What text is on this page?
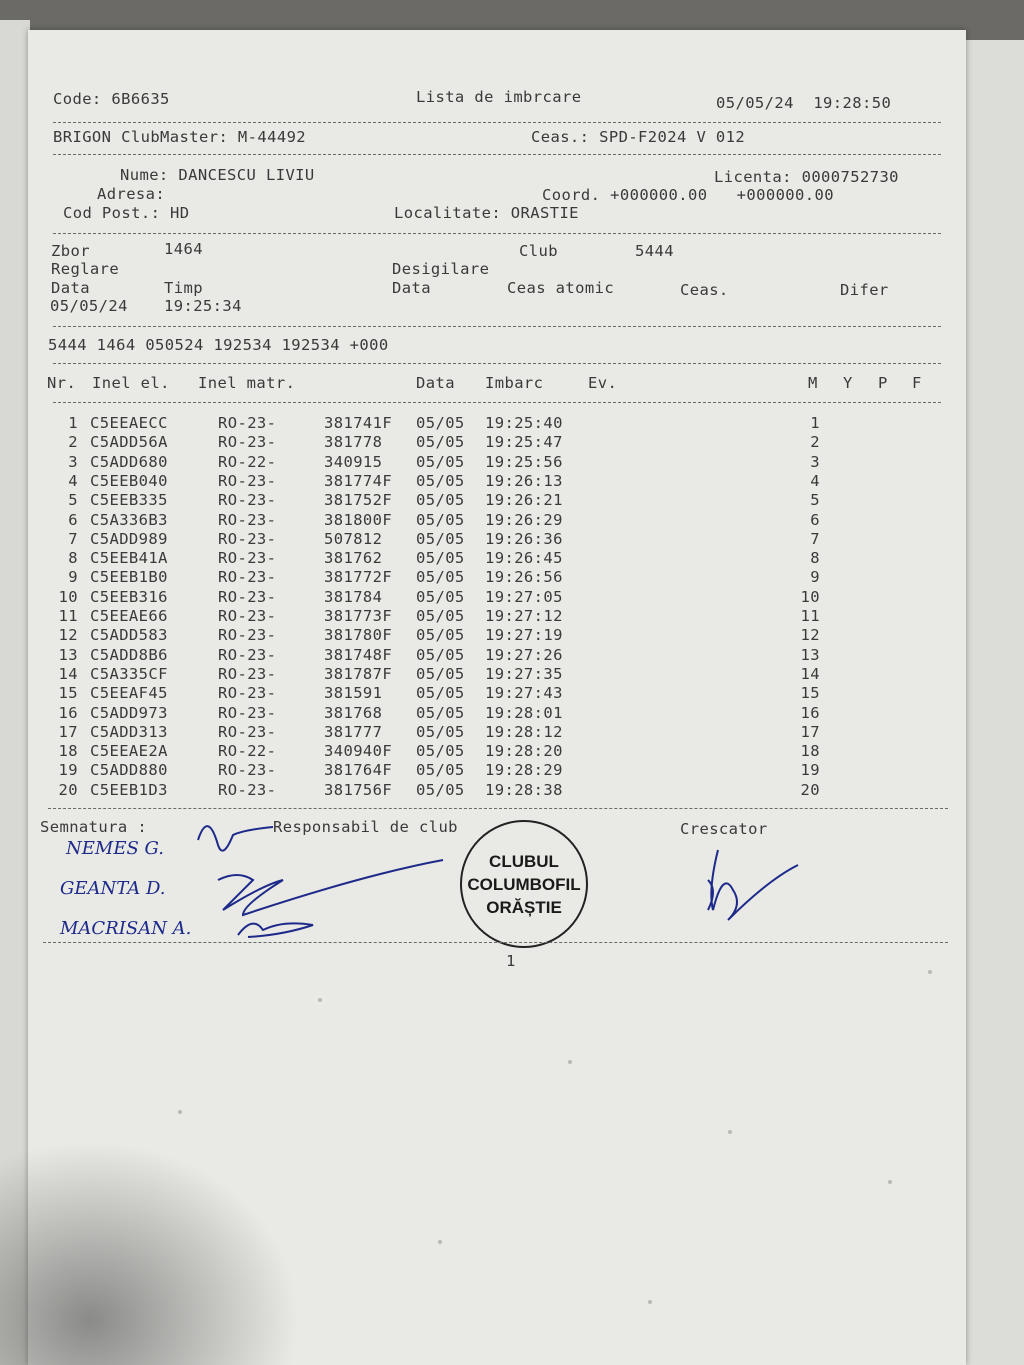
Code: 6B6635	Lista de imbrcare	05/05/24  19:28:50
BRIGON ClubMaster: M-44492	Ceas.: SPD-F2024 V 012
Nume: DANCESCU LIVIU	Licenta: 0000752730
Adresa:	Coord. +000000.00   +000000.00
Cod Post.: HD	Localitate: ORASTIE
Zbor	1464	Club	5444
Reglare	Desigilare
Data	Timp	Data	Ceas atomic	Ceas.	Difer
05/05/24 19:25:34
5444 1464 050524 192534 192534 +000
Nr. Inel el. Inel matr.	Data Imbarc	Ev.	M Y P F
1 C5EEAECC	RO-23-	381741F 05/05 19:25:40	1
2 C5ADD56A	RO-23-	381778 05/05 19:25:47	2
3 C5ADD680	RO-22-	340915 05/05 19:25:56	3
4 C5EEB040	RO-23-	381774F 05/05 19:26:13	4
5 C5EEB335	RO-23-	381752F 05/05 19:26:21	5
6 C5A336B3	RO-23-	381800F 05/05 19:26:29	6
7 C5ADD989	RO-23-	507812 05/05 19:26:36	7
8 C5EEB41A	RO-23-	381762 05/05 19:26:45	8
9 C5EEB1B0	RO-23-	381772F 05/05 19:26:56	9
10 C5EEB316	RO-23-	381784 05/05 19:27:05	10
11 C5EEAE66	RO-23-	381773F 05/05 19:27:12	11
12 C5ADD583	RO-23-	381780F 05/05 19:27:19	12
13 C5ADD8B6	RO-23-	381748F 05/05 19:27:26	13
14 C5A335CF	RO-23-	381787F 05/05 19:27:35	14
15 C5EEAF45	RO-23-	381591 05/05 19:27:43	15
16 C5ADD973	RO-23-	381768 05/05 19:28:01	16
17 C5ADD313	RO-23-	381777 05/05 19:28:12	17
18 C5EEAE2A	RO-22-	340940F 05/05 19:28:20	18
19 C5ADD880	RO-23-	381764F 05/05 19:28:29	19
20 C5EEB1D3	RO-23-	381756F 05/05 19:28:38	20
Semnatura :	Responsabil de club	Crescator
NEMES G.
GEANTA D.
MACRISAN A.
CLUBUL
COLUMBOFIL
ORĂȘTIE
1
